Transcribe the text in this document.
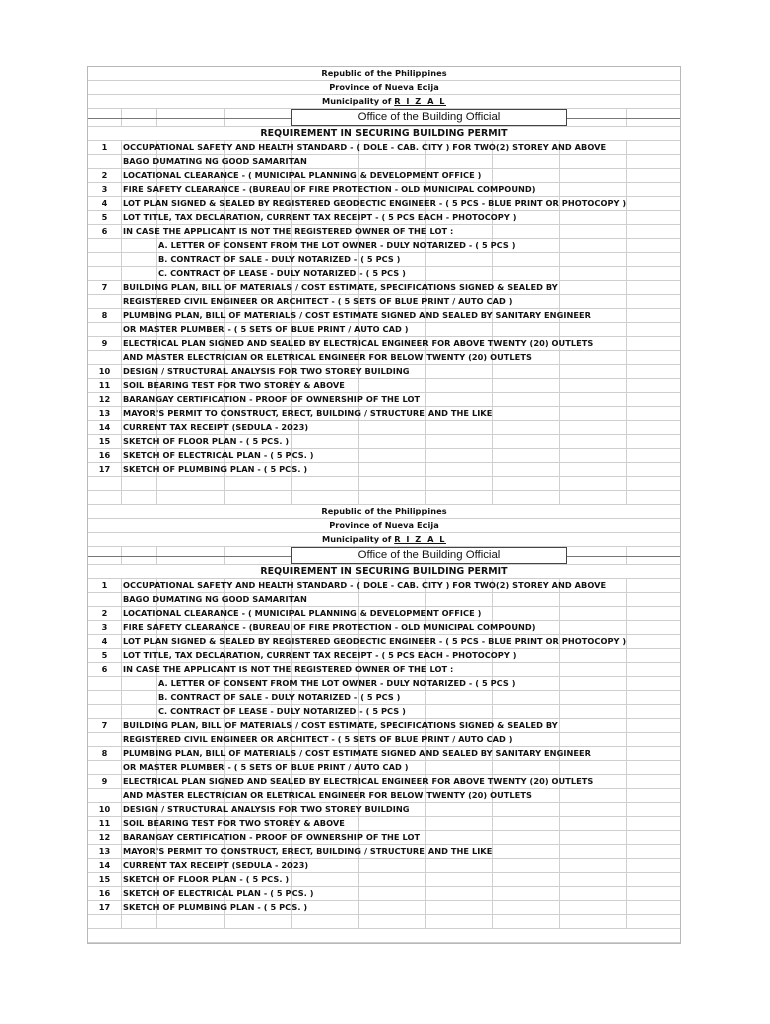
Republic of the Philippines
Province of Nueva Ecija
Municipality of R I Z A L
Office of the Building Official
REQUIREMENT IN SECURING BUILDING PERMIT
1	OCCUPATIONAL SAFETY AND HEALTH STANDARD - ( DOLE - CAB. CITY ) FOR TWO(2) STOREY AND ABOVE
BAGO DUMATING NG GOOD SAMARITAN
2	LOCATIONAL CLEARANCE - ( MUNICIPAL PLANNING & DEVELOPMENT OFFICE )
3	FIRE SAFETY CLEARANCE - (BUREAU OF FIRE PROTECTION - OLD MUNICIPAL COMPOUND)
4	LOT PLAN SIGNED & SEALED BY REGISTERED GEODECTIC ENGINEER - ( 5 PCS - BLUE PRINT OR PHOTOCOPY )
5	LOT TITLE, TAX DECLARATION, CURRENT TAX RECEIPT - ( 5 PCS EACH - PHOTOCOPY )
6	IN CASE THE APPLICANT IS NOT THE REGISTERED OWNER OF THE LOT :
A. LETTER OF CONSENT FROM THE LOT OWNER - DULY NOTARIZED - ( 5 PCS )
B. CONTRACT OF SALE - DULY NOTARIZED - ( 5 PCS )
C. CONTRACT OF LEASE - DULY NOTARIZED - ( 5 PCS )
7	BUILDING PLAN, BILL OF MATERIALS / COST ESTIMATE, SPECIFICATIONS SIGNED & SEALED BY
REGISTERED CIVIL ENGINEER OR ARCHITECT - ( 5 SETS OF BLUE PRINT / AUTO CAD )
8	PLUMBING PLAN, BILL OF MATERIALS / COST ESTIMATE SIGNED AND SEALED BY SANITARY ENGINEER
OR MASTER PLUMBER - ( 5 SETS OF BLUE PRINT / AUTO CAD )
9	ELECTRICAL PLAN SIGNED AND SEALED BY ELECTRICAL ENGINEER FOR ABOVE TWENTY (20) OUTLETS
AND MASTER ELECTRICIAN OR ELETRICAL ENGINEER FOR BELOW TWENTY (20) OUTLETS
10	DESIGN / STRUCTURAL ANALYSIS FOR TWO STOREY BUILDING
11	SOIL BEARING TEST FOR TWO STOREY & ABOVE
12	BARANGAY CERTIFICATION - PROOF OF OWNERSHIP OF THE LOT
13	MAYOR'S PERMIT TO CONSTRUCT, ERECT, BUILDING / STRUCTURE AND THE LIKE
14	CURRENT TAX RECEIPT (SEDULA - 2023)
15	SKETCH OF FLOOR PLAN - ( 5 PCS. )
16	SKETCH OF ELECTRICAL PLAN - ( 5 PCS. )
17	SKETCH OF PLUMBING PLAN - ( 5 PCS. )
Republic of the Philippines
Province of Nueva Ecija
Municipality of R I Z A L
Office of the Building Official
REQUIREMENT IN SECURING BUILDING PERMIT
1	OCCUPATIONAL SAFETY AND HEALTH STANDARD - ( DOLE - CAB. CITY ) FOR TWO(2) STOREY AND ABOVE
BAGO DUMATING NG GOOD SAMARITAN
2	LOCATIONAL CLEARANCE - ( MUNICIPAL PLANNING & DEVELOPMENT OFFICE )
3	FIRE SAFETY CLEARANCE - (BUREAU OF FIRE PROTECTION - OLD MUNICIPAL COMPOUND)
4	LOT PLAN SIGNED & SEALED BY REGISTERED GEODECTIC ENGINEER - ( 5 PCS - BLUE PRINT OR PHOTOCOPY )
5	LOT TITLE, TAX DECLARATION, CURRENT TAX RECEIPT - ( 5 PCS EACH - PHOTOCOPY )
6	IN CASE THE APPLICANT IS NOT THE REGISTERED OWNER OF THE LOT :
A. LETTER OF CONSENT FROM THE LOT OWNER - DULY NOTARIZED - ( 5 PCS )
B. CONTRACT OF SALE - DULY NOTARIZED - ( 5 PCS )
C. CONTRACT OF LEASE - DULY NOTARIZED - ( 5 PCS )
7	BUILDING PLAN, BILL OF MATERIALS / COST ESTIMATE, SPECIFICATIONS SIGNED & SEALED BY
REGISTERED CIVIL ENGINEER OR ARCHITECT - ( 5 SETS OF BLUE PRINT / AUTO CAD )
8	PLUMBING PLAN, BILL OF MATERIALS / COST ESTIMATE SIGNED AND SEALED BY SANITARY ENGINEER
OR MASTER PLUMBER - ( 5 SETS OF BLUE PRINT / AUTO CAD )
9	ELECTRICAL PLAN SIGNED AND SEALED BY ELECTRICAL ENGINEER FOR ABOVE TWENTY (20) OUTLETS
AND MASTER ELECTRICIAN OR ELETRICAL ENGINEER FOR BELOW TWENTY (20) OUTLETS
10	DESIGN / STRUCTURAL ANALYSIS FOR TWO STOREY BUILDING
11	SOIL BEARING TEST FOR TWO STOREY & ABOVE
12	BARANGAY CERTIFICATION - PROOF OF OWNERSHIP OF THE LOT
13	MAYOR'S PERMIT TO CONSTRUCT, ERECT, BUILDING / STRUCTURE AND THE LIKE
14	CURRENT TAX RECEIPT (SEDULA - 2023)
15	SKETCH OF FLOOR PLAN - ( 5 PCS. )
16	SKETCH OF ELECTRICAL PLAN - ( 5 PCS. )
17	SKETCH OF PLUMBING PLAN - ( 5 PCS. )
